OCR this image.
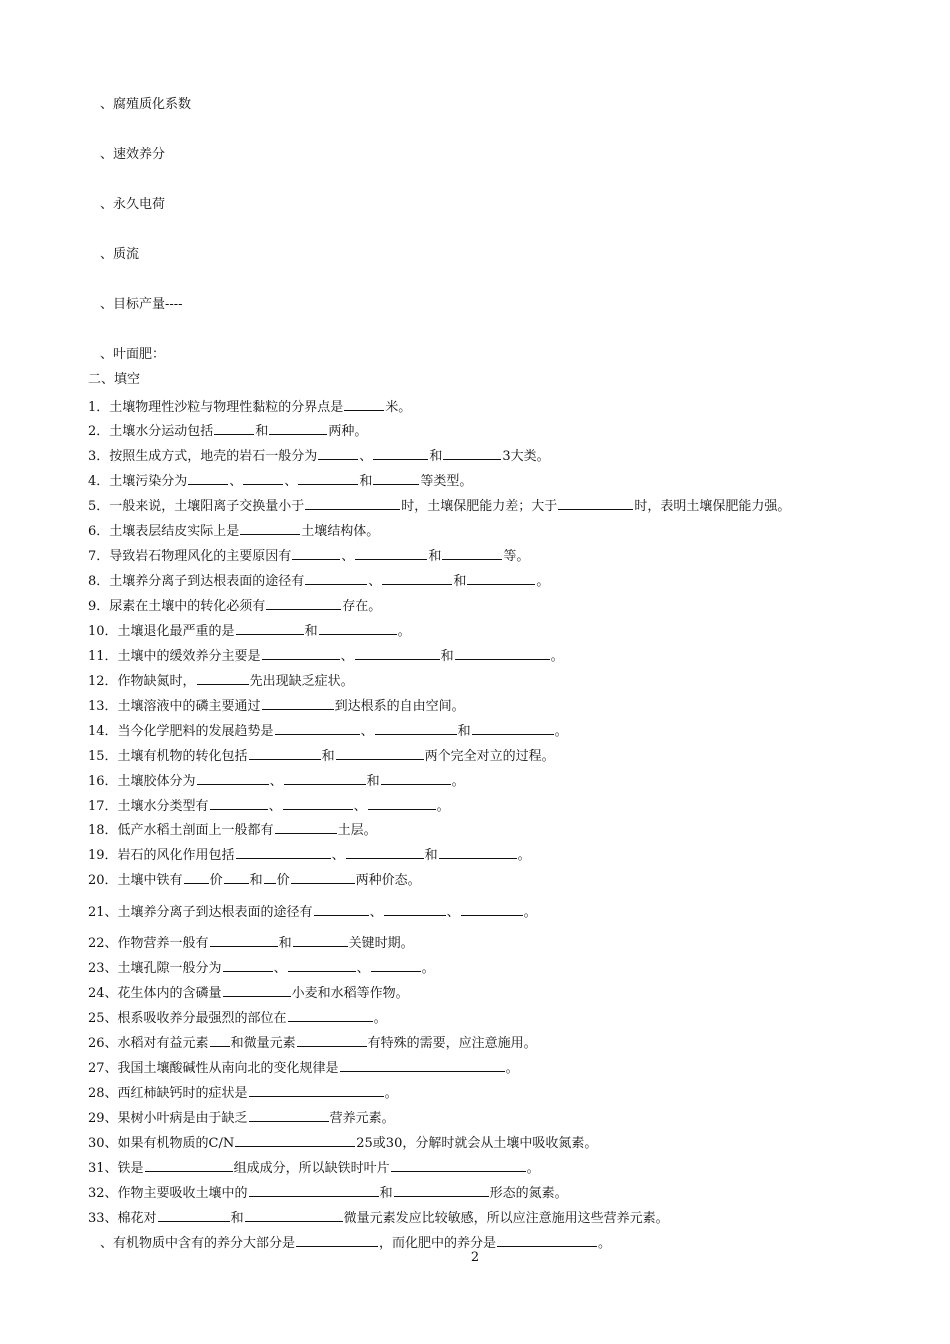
、腐殖质化系数
、速效养分
、永久电荷
、质流
、目标产量----
、叶面肥：
二、填空
1．土壤物理性沙粒与物理性黏粒的分界点是	米。
2．土壤水分运动包括	和	两种。
3．按照生成方式，地壳的岩石一般分为	、	和	3大类。
4．土壤污染分为	、	、	和	等类型。
5．一般来说，土壤阳离子交换量小于	时，土壤保肥能力差；大于	时，表明土壤保肥能力强。
6．土壤表层结皮实际上是	土壤结构体。
7．导致岩石物理风化的主要原因有	、	和	等。
8．土壤养分离子到达根表面的途径有	、	和	。
9．尿素在土壤中的转化必须有	存在。
10．土壤退化最严重的是	和	。
11．土壤中的缓效养分主要是	、	和	。
12．作物缺氮时，	先出现缺乏症状。
13．土壤溶液中的磷主要通过	到达根系的自由空间。
14．当今化学肥料的发展趋势是	、	和	。
15．土壤有机物的转化包括	和	两个完全对立的过程。
16．土壤胶体分为	、	和	。
17．土壤水分类型有	、	、	。
18．低产水稻土剖面上一般都有	土层。
19．岩石的风化作用包括	、	和	。
20．土壤中铁有 价 和 价	两种价态。
21、土壤养分离子到达根表面的途径有	、	、	。
22、作物营养一般有	和	关键时期。
23、土壤孔隙一般分为	、	、	。
24、花生体内的含磷量	小麦和水稻等作物。
25、根系吸收养分最强烈的部位在	。
26、水稻对有益元素 和微量元素	有特殊的需要，应注意施用。
27、我国土壤酸碱性从南向北的变化规律是	。
28、西红柿缺钙时的症状是	。
29、果树小叶病是由于缺乏	营养元素。
30、如果有机物质的C/N	25或30，分解时就会从土壤中吸收氮素。
31、铁是	组成成分，所以缺铁时叶片	。
32、作物主要吸收土壤中的	和	形态的氮素。
33、棉花对	和	微量元素发应比较敏感，所以应注意施用这些营养元素。
、有机物质中含有的养分大部分是	，而化肥中的养分是	。
2
